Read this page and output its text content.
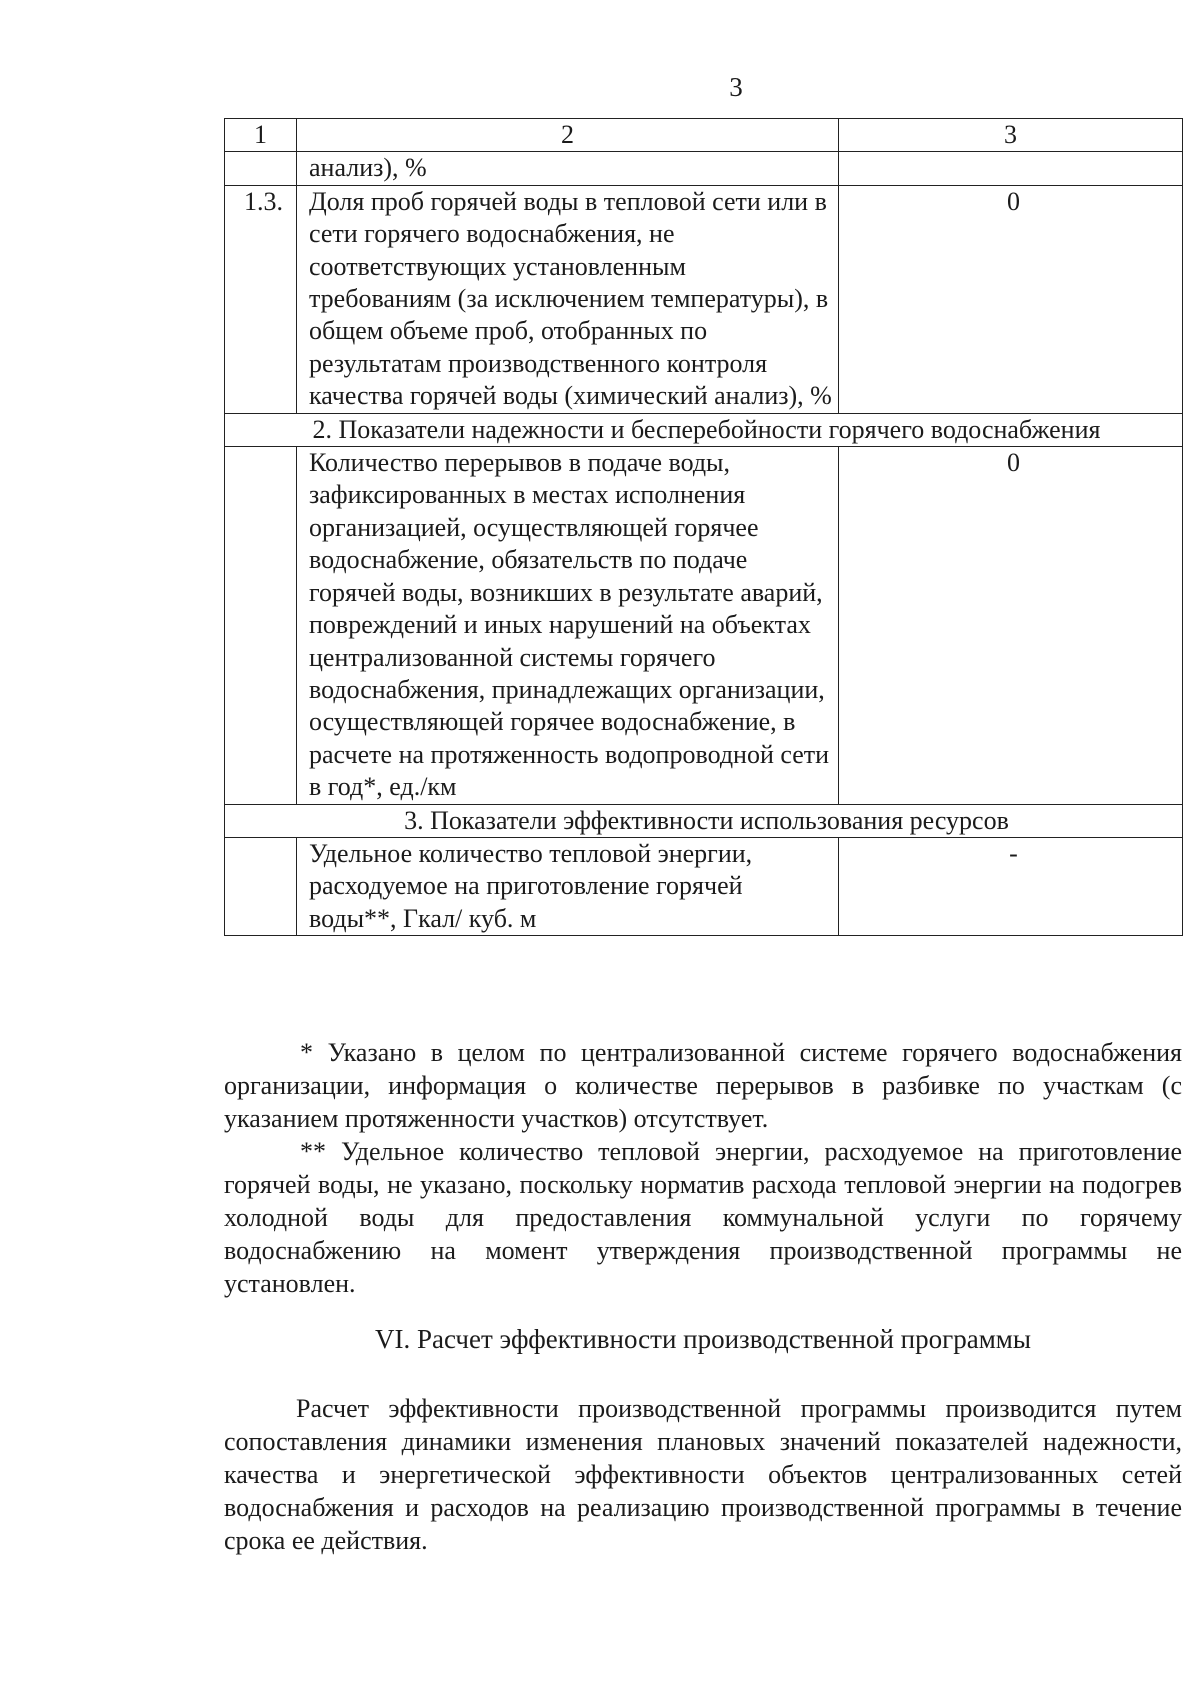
3
1	2	3
	анализ), %	
1.3.	Доля проб горячей воды в тепловой сети или в сети горячего водоснабжения, не соответствующих установленным требованиям (за исключением температуры), в общем объеме проб, отобранных по результатам производственного контроля качества горячей воды (химический анализ), %	0
2. Показатели надежности и бесперебойности горячего водоснабжения		
	Количество перерывов в подаче воды, зафиксированных в местах исполнения организацией, осуществляющей горячее водоснабжение, обязательств по подаче горячей воды, возникших в результате аварий, повреждений и иных нарушений на объектах централизованной системы горячего водоснабжения, принадлежащих организации, осуществляющей горячее водоснабжение, в расчете на протяженность водопроводной сети в год*, ед./км	0
3. Показатели эффективности использования ресурсов		
	Удельное количество тепловой энергии, расходуемое на приготовление горячей воды**, Гкал/ куб. м	-

* Указано в целом по централизованной системе горячего водоснабжения организации, информация о количестве перерывов в разбивке по участкам (с указанием протяженности участков) отсутствует.

** Удельное количество тепловой энергии, расходуемое на приготовление горячей воды, не указано, поскольку норматив расхода тепловой энергии на подогрев холодной воды для предоставления коммунальной услуги по горячему водоснабжению на момент утверждения производственной программы не установлен.

VI. Расчет эффективности производственной программы

Расчет эффективности производственной программы производится путем сопоставления динамики изменения плановых значений показателей надежности, качества и энергетической эффективности объектов централизованных сетей водоснабжения и расходов на реализацию производственной программы в течение срока ее действия.
